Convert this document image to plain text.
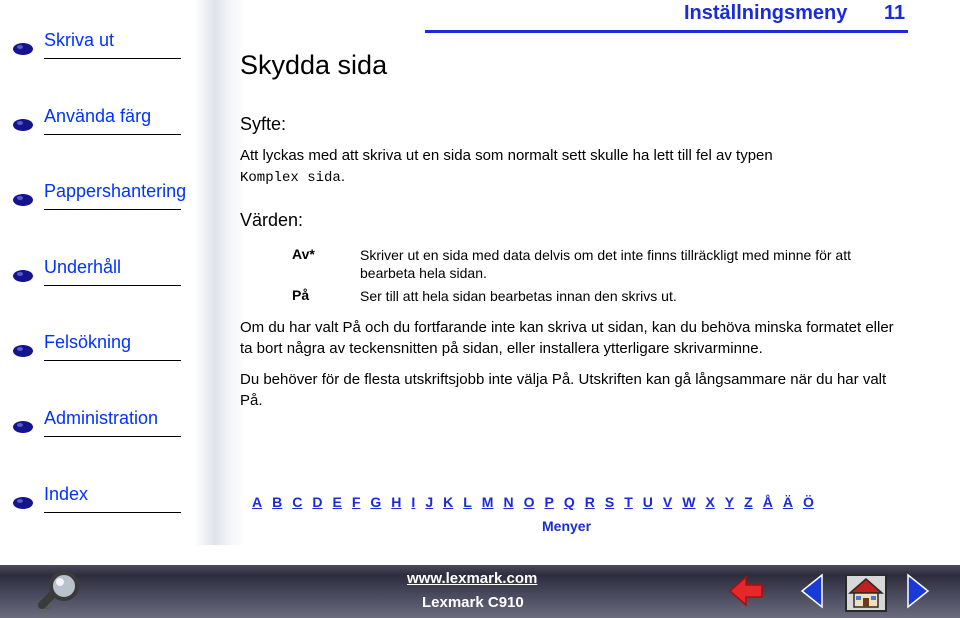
Skriva ut
Använda färg
Pappershantering
Underhåll
Felsökning
Administration
Index
Inställningsmeny 11
Skydda sida
Syfte:
Att lyckas med att skriva ut en sida som normalt sett skulle ha lett till fel av typen
Komplex sida.
Värden:
Av*	Skriver ut en sida med data delvis om det inte finns tillräckligt med minne för att bearbeta hela sidan.
På	Ser till att hela sidan bearbetas innan den skrivs ut.
Om du har valt På och du fortfarande inte kan skriva ut sidan, kan du behöva minska formatet eller ta bort några av teckensnitten på sidan, eller installera ytterligare skrivarminne.
Du behöver för de flesta utskriftsjobb inte välja På. Utskriften kan gå långsammare när du har valt På.
A B C D E F G H I J K L M N O P Q R S T U V W X Y Z Å Ä Ö
Menyer
www.lexmark.com
Lexmark C910
